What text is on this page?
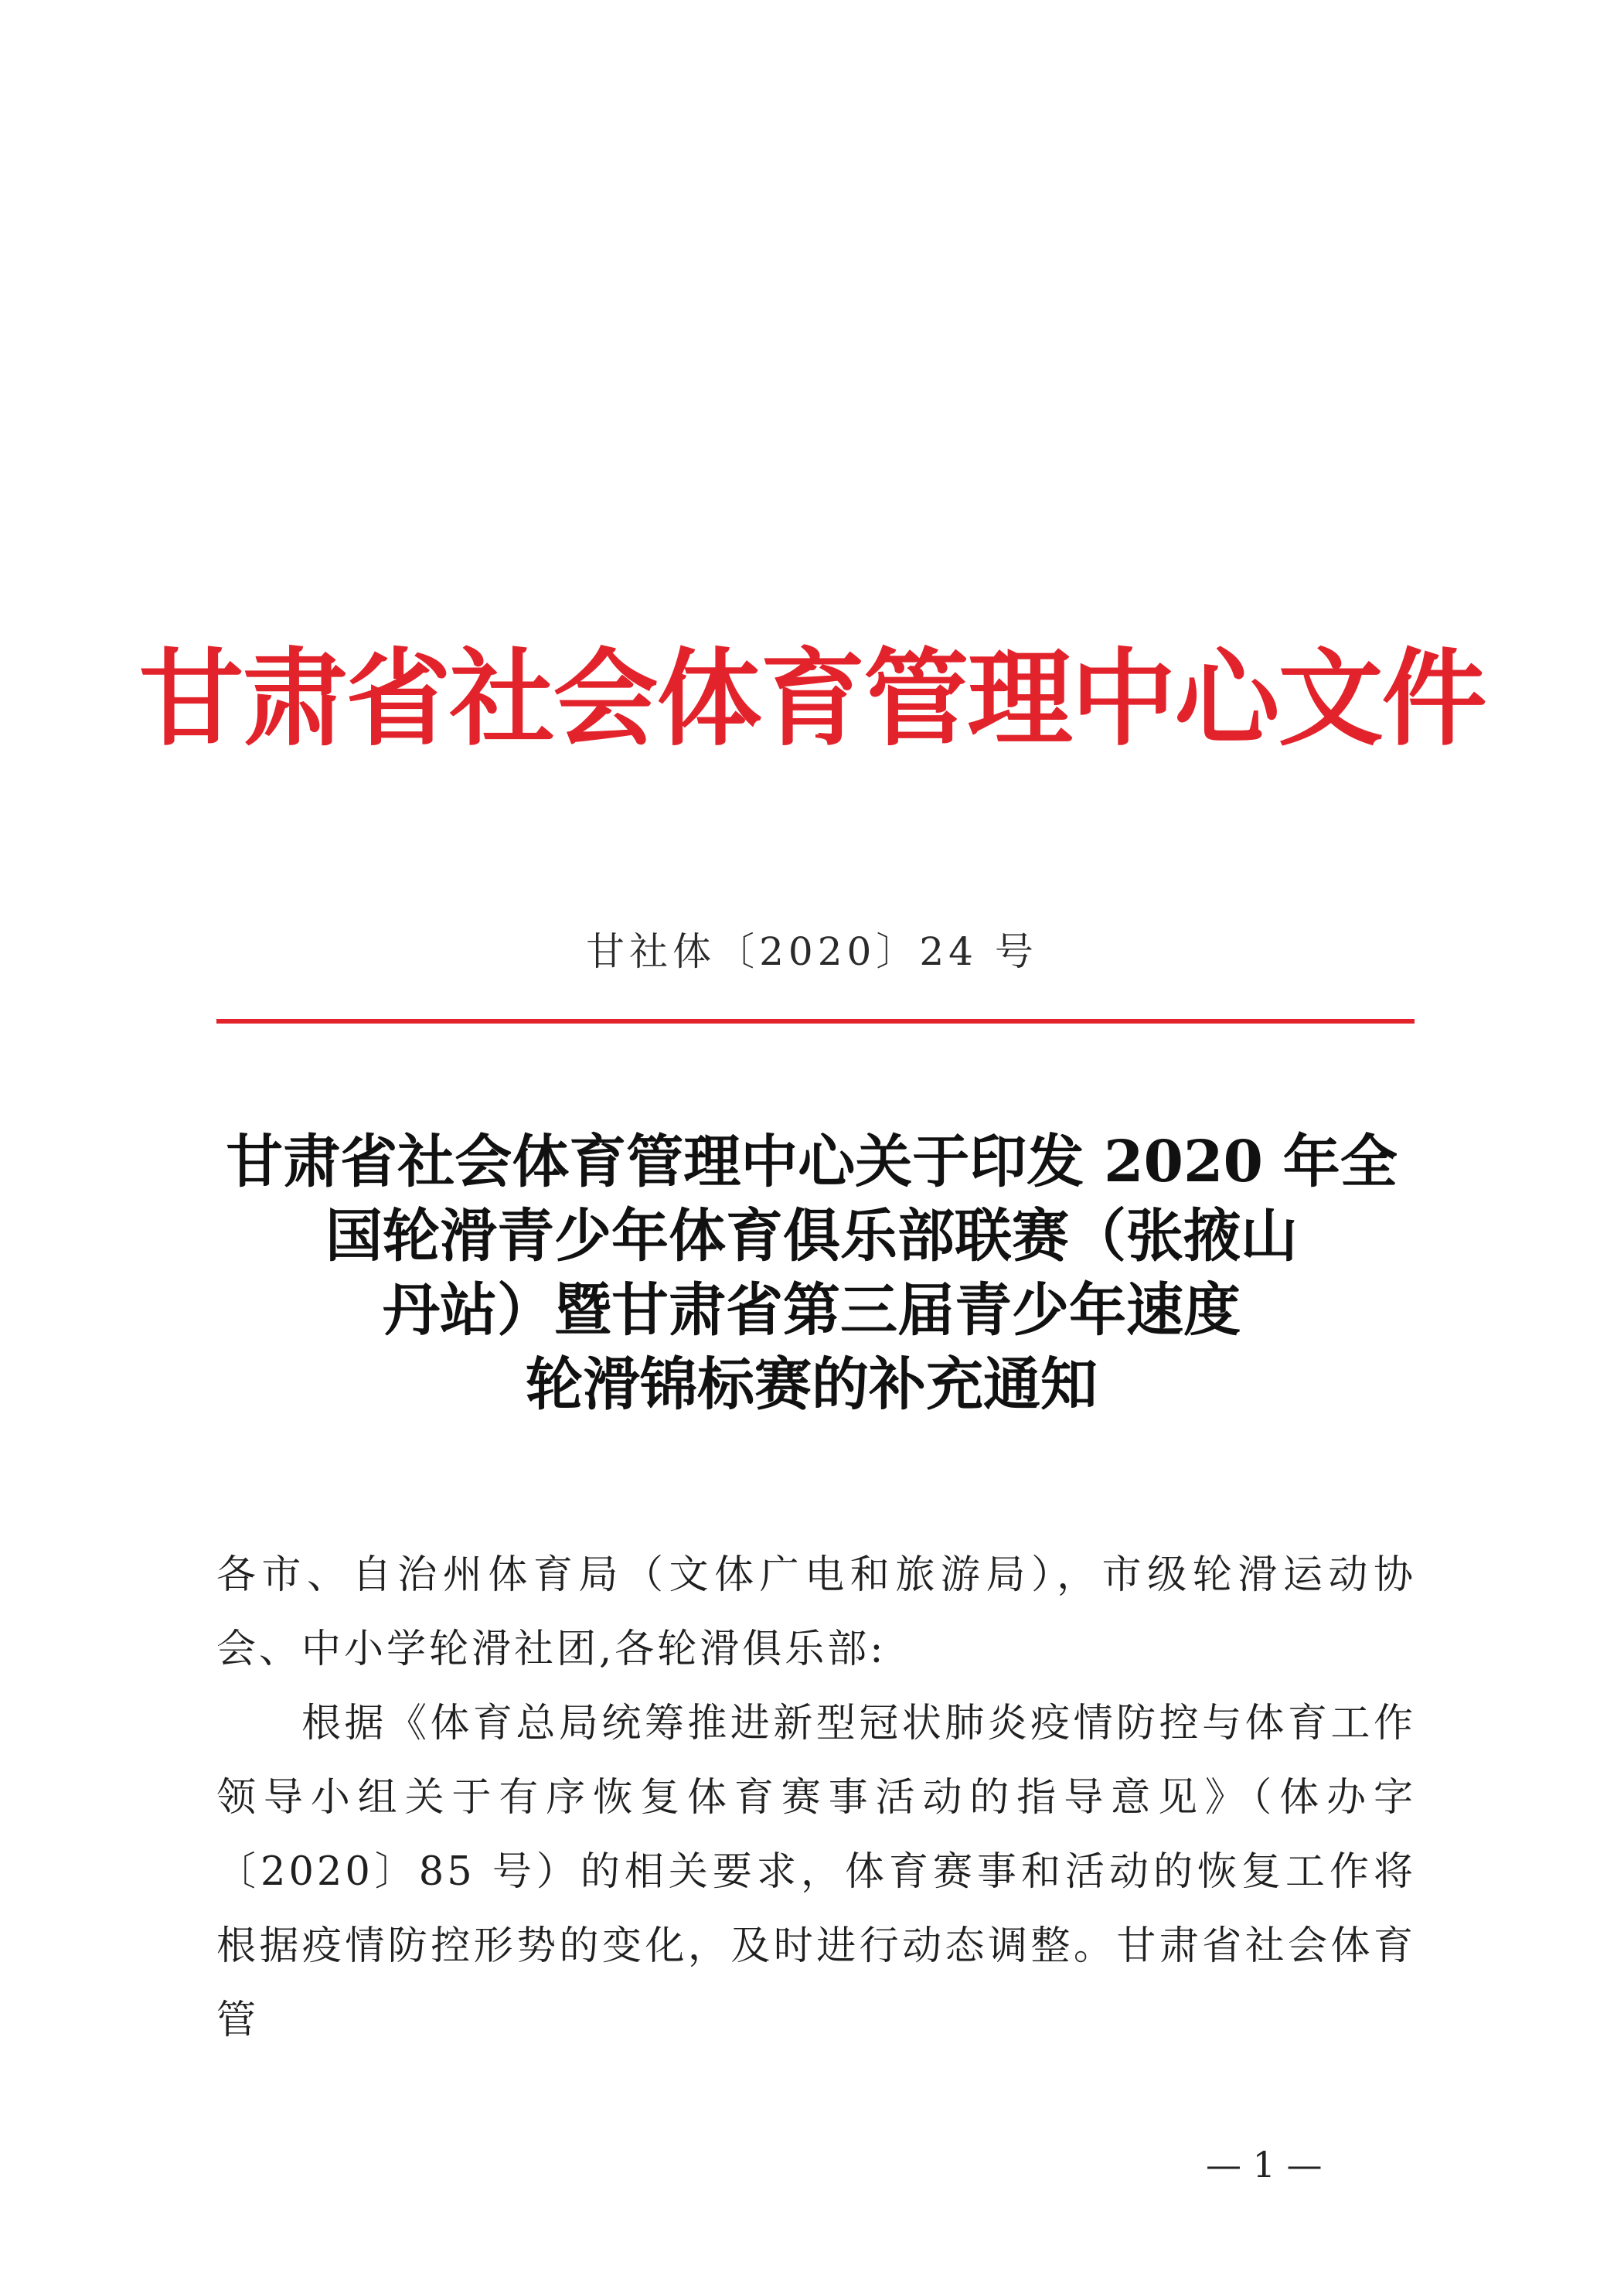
甘肃省社会体育管理中心文件
甘社体〔2020〕24 号
甘肃省社会体育管理中心关于印发 2020 年全
国轮滑青少年体育俱乐部联赛（张掖山
丹站）暨甘肃省第三届青少年速度
轮滑锦标赛的补充通知

各市、自治州体育局（文体广电和旅游局），市级轮滑运动协会、中小学轮滑社团,各轮滑俱乐部:

根据《体育总局统筹推进新型冠状肺炎疫情防控与体育工作领导小组关于有序恢复体育赛事活动的指导意见》（体办字〔2020〕85 号）的相关要求，体育赛事和活动的恢复工作将根据疫情防控形势的变化，及时进行动态调整。甘肃省社会体育管

— 1 —
